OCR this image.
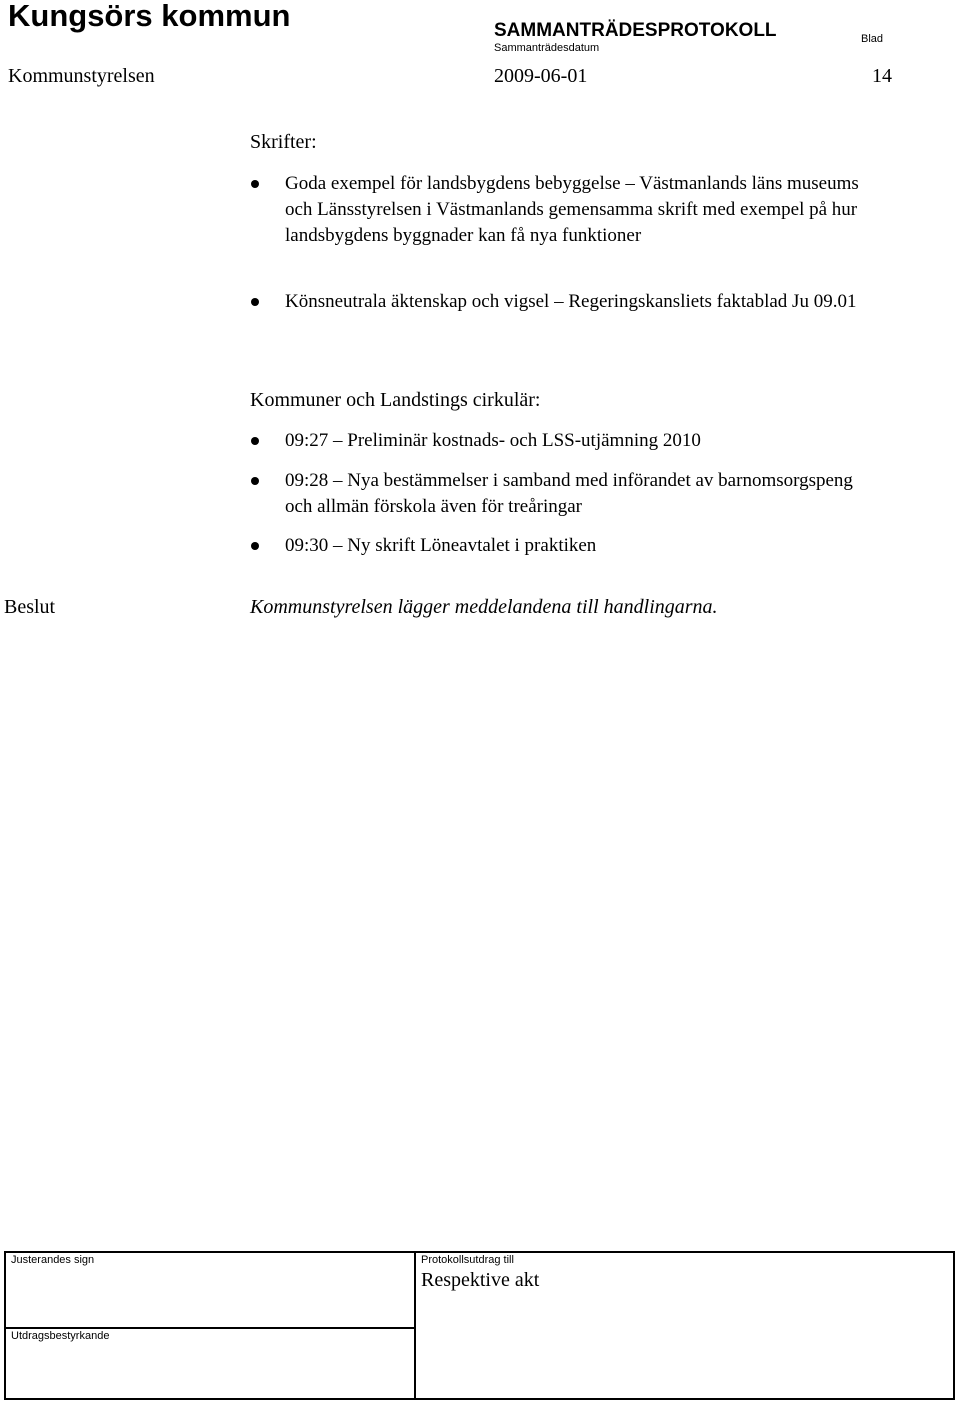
Kungsörs kommun	SAMMANTRÄDESPROTOKOLL
Sammanträdesdatum
Blad
Kommunstyrelsen	2009-06-01	14
Skrifter:
Goda exempel för landsbygdens bebyggelse – Västmanlands läns museums och Länsstyrelsen i Västmanlands gemensamma skrift med exempel på hur landsbygdens byggnader kan få nya funktioner
Könsneutrala äktenskap och vigsel – Regeringskansliets faktablad Ju 09.01
Kommuner och Landstings cirkulär:
09:27 – Preliminär kostnads- och LSS-utjämning 2010
09:28 – Nya bestämmelser i samband med införandet av barnomsorgspeng och allmän förskola även för treåringar
09:30 – Ny skrift Löneavtalet i praktiken
Beslut	Kommunstyrelsen lägger meddelandena till handlingarna.
Justerandes sign	Protokollsutdrag till
Respektive akt
Utdragsbestyrkande
